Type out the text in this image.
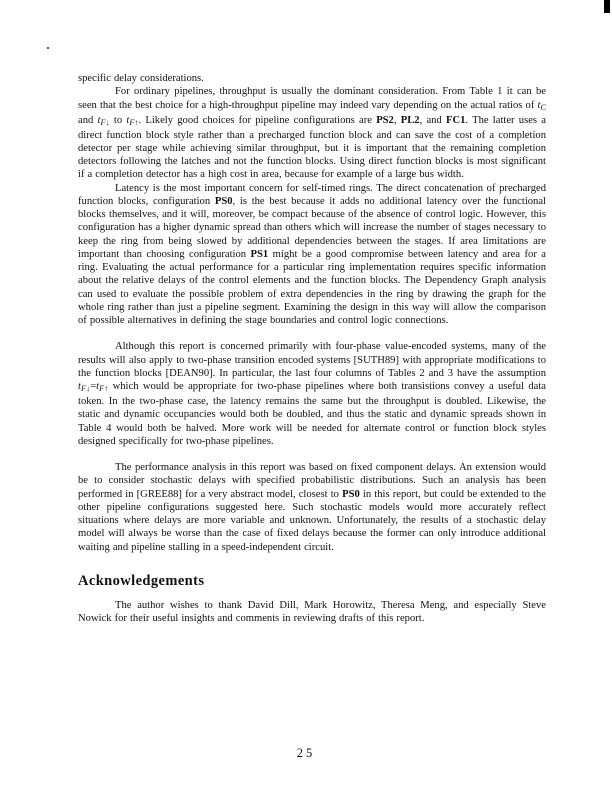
specific delay considerations.

For ordinary pipelines, throughput is usually the dominant consideration. From Table 1 it can be seen that the best choice for a high-throughput pipeline may indeed vary depending on the actual ratios of tC and tF↓ to tF↑. Likely good choices for pipeline configurations are PS2, PL2, and FC1. The latter uses a direct function block style rather than a precharged function block and can save the cost of a completion detector per stage while achieving similar throughput, but it is important that the remaining completion detectors following the latches and not the function blocks. Using direct function blocks is most significant if a completion detector has a high cost in area, because for example of a large bus width.

Latency is the most important concern for self-timed rings. The direct concatenation of precharged function blocks, configuration PS0, is the best because it adds no additional latency over the functional blocks themselves, and it will, moreover, be compact because of the absence of control logic. However, this configuration has a higher dynamic spread than others which will increase the number of stages necessary to keep the ring from being slowed by additional dependencies between the stages. If area limitations are important than choosing configuration PS1 might be a good compromise between latency and area for a ring. Evaluating the actual performance for a particular ring implementation requires specific information about the relative delays of the control elements and the function blocks. The Dependency Graph analysis can used to evaluate the possible problem of extra dependencies in the ring by drawing the graph for the whole ring rather than just a pipeline segment. Examining the design in this way will allow the comparison of possible alternatives in defining the stage boundaries and control logic connections.

Although this report is concerned primarily with four-phase value-encoded systems, many of the results will also apply to two-phase transition encoded systems [SUTH89] with appropriate modifications to the function blocks [DEAN90]. In particular, the last four columns of Tables 2 and 3 have the assumption tF↓=tF↑ which would be appropriate for two-phase pipelines where both transistions convey a useful data token. In the two-phase case, the latency remains the same but the throughput is doubled. Likewise, the static and dynamic occupancies would both be doubled, and thus the static and dynamic spreads shown in Table 4 would both be halved. More work will be needed for alternate control or function block styles designed specifically for two-phase pipelines.

The performance analysis in this report was based on fixed component delays. An extension would be to consider stochastic delays with specified probabilistic distributions. Such an analysis has been performed in [GREE88] for a very abstract model, closest to PS0 in this report, but could be extended to the other pipeline configurations suggested here. Such stochastic models would more accurately reflect situations where delays are more variable and unknown. Unfortunately, the results of a stochastic delay model will always be worse than the case of fixed delays because the former can only introduce additional waiting and pipeline stalling in a speed-independent circuit.

Acknowledgements

The author wishes to thank David Dill, Mark Horowitz, Theresa Meng, and especially Steve Nowick for their useful insights and comments in reviewing drafts of this report.

25
